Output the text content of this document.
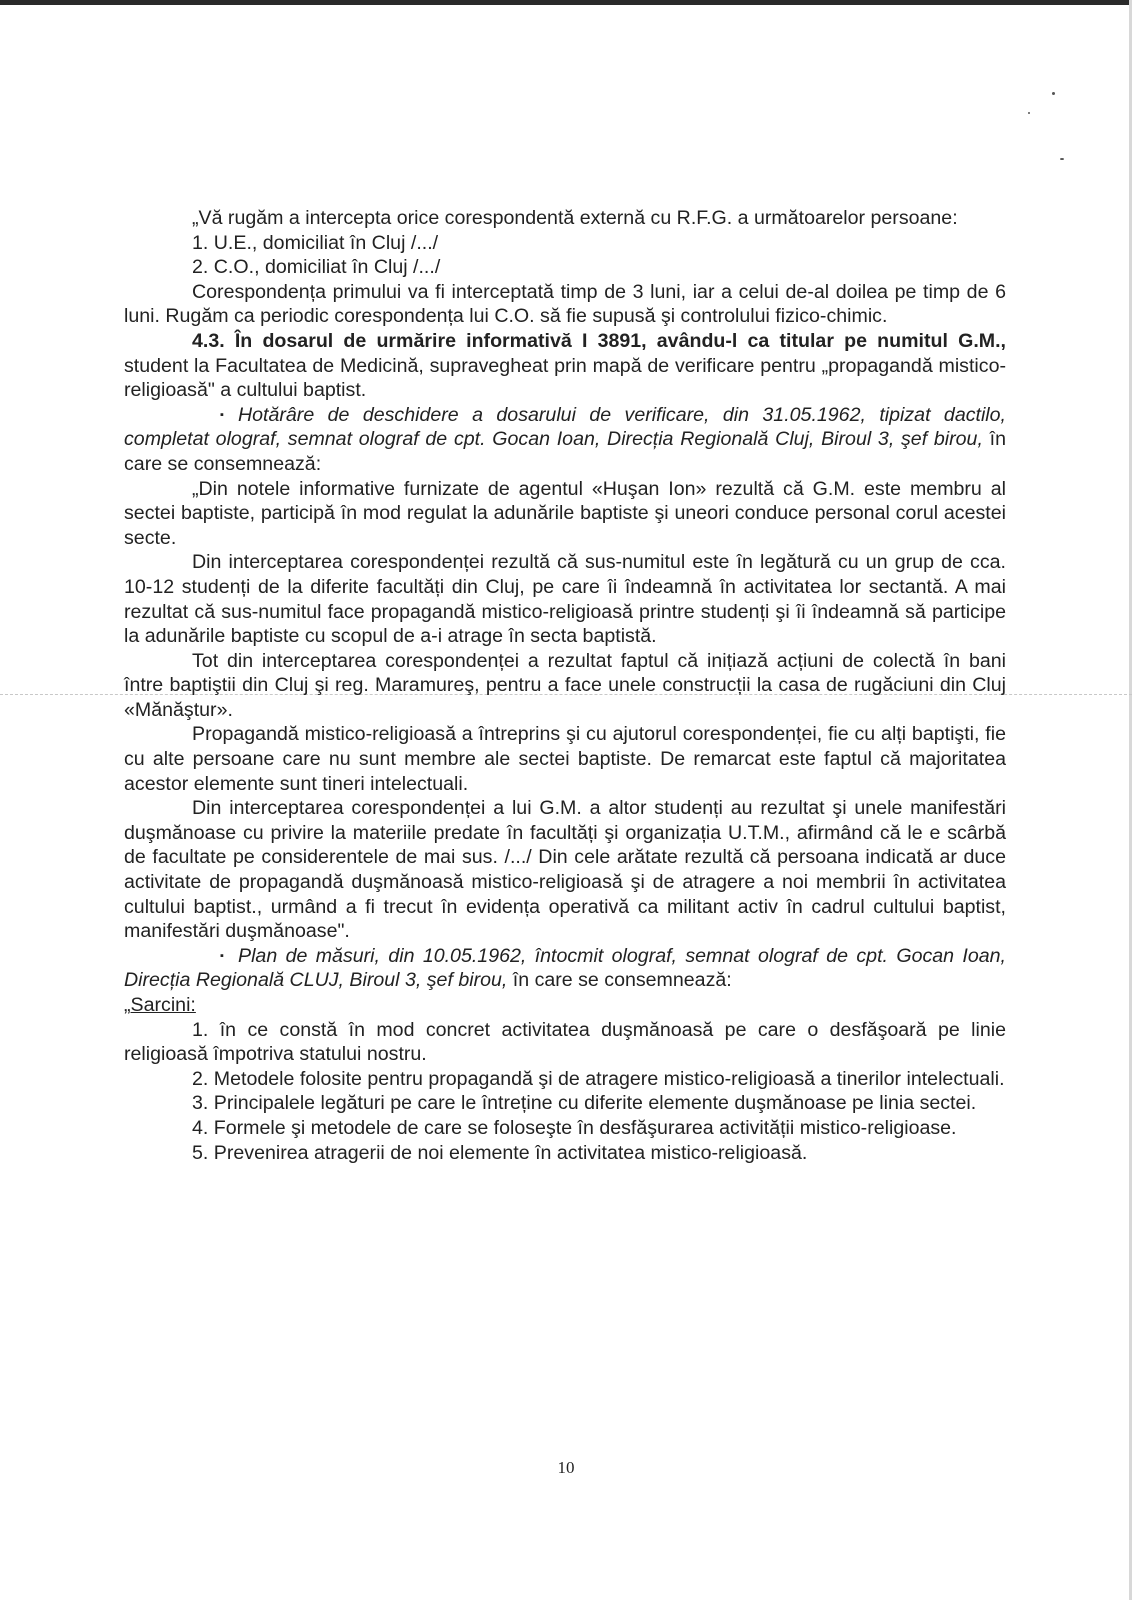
„Vă rugăm a intercepta orice corespondentă externă cu R.F.G. a următoarelor persoane:

1. U.E., domiciliat în Cluj /.../

2. C.O., domiciliat în Cluj /.../

Corespondența primului va fi interceptată timp de 3 luni, iar a celui de-al doilea pe timp de 6 luni. Rugăm ca periodic corespondența lui C.O. să fie supusă şi controlului fizico-chimic.

4.3. În dosarul de urmărire informativă I 3891, avându-l ca titular pe numitul G.M., student la Facultatea de Medicină, supravegheat prin mapă de verificare pentru „propagandă mistico-religioasă" a cultului baptist.

▪ Hotărâre de deschidere a dosarului de verificare, din 31.05.1962, tipizat dactilo, completat olograf, semnat olograf de cpt. Gocan Ioan, Direcția Regională Cluj, Biroul 3, şef birou, în care se consemnează:

„Din notele informative furnizate de agentul «Huşan Ion» rezultă că G.M. este membru al sectei baptiste, participă în mod regulat la adunările baptiste şi uneori conduce personal corul acestei secte.

Din interceptarea corespondenței rezultă că sus-numitul este în legătură cu un grup de cca. 10-12 studenți de la diferite facultăți din Cluj, pe care îi îndeamnă în activitatea lor sectantă. A mai rezultat că sus-numitul face propagandă mistico-religioasă printre studenți şi îi îndeamnă să participe la adunările baptiste cu scopul de a-i atrage în secta baptistă.

Tot din interceptarea corespondenței a rezultat faptul că inițiază acțiuni de colectă în bani între baptiştii din Cluj şi reg. Maramureş, pentru a face unele construcții la casa de rugăciuni din Cluj «Mănăştur».

Propagandă mistico-religioasă a întreprins şi cu ajutorul corespondenței, fie cu alți baptişti, fie cu alte persoane care nu sunt membre ale sectei baptiste. De remarcat este faptul că majoritatea acestor elemente sunt tineri intelectuali.

Din interceptarea corespondenței a lui G.M. a altor studenți au rezultat şi unele manifestări duşmănoase cu privire la materiile predate în facultăți şi organizația U.T.M., afirmând că le e scârbă de facultate pe considerentele de mai sus. /.../ Din cele arătate rezultă că persoana indicată ar duce activitate de propagandă duşmănoasă mistico-religioasă şi de atragere a noi membrii în activitatea cultului baptist., urmând a fi trecut în evidența operativă ca militant activ în cadrul cultului baptist, manifestări duşmănoase".

▪ Plan de măsuri, din 10.05.1962, întocmit olograf, semnat olograf de cpt. Gocan Ioan, Direcția Regională CLUJ, Biroul 3, şef birou, în care se consemnează:

„Sarcini:

1. în ce constă în mod concret activitatea duşmănoasă pe care o desfăşoară pe linie religioasă împotriva statului nostru.

2. Metodele folosite pentru propagandă şi de atragere mistico-religioasă a tinerilor intelectuali.

3. Principalele legături pe care le întreține cu diferite elemente duşmănoase pe linia sectei.

4. Formele şi metodele de care se foloseşte în desfăşurarea activității mistico-religioase.

5. Prevenirea atragerii de noi elemente în activitatea mistico-religioasă.

10
